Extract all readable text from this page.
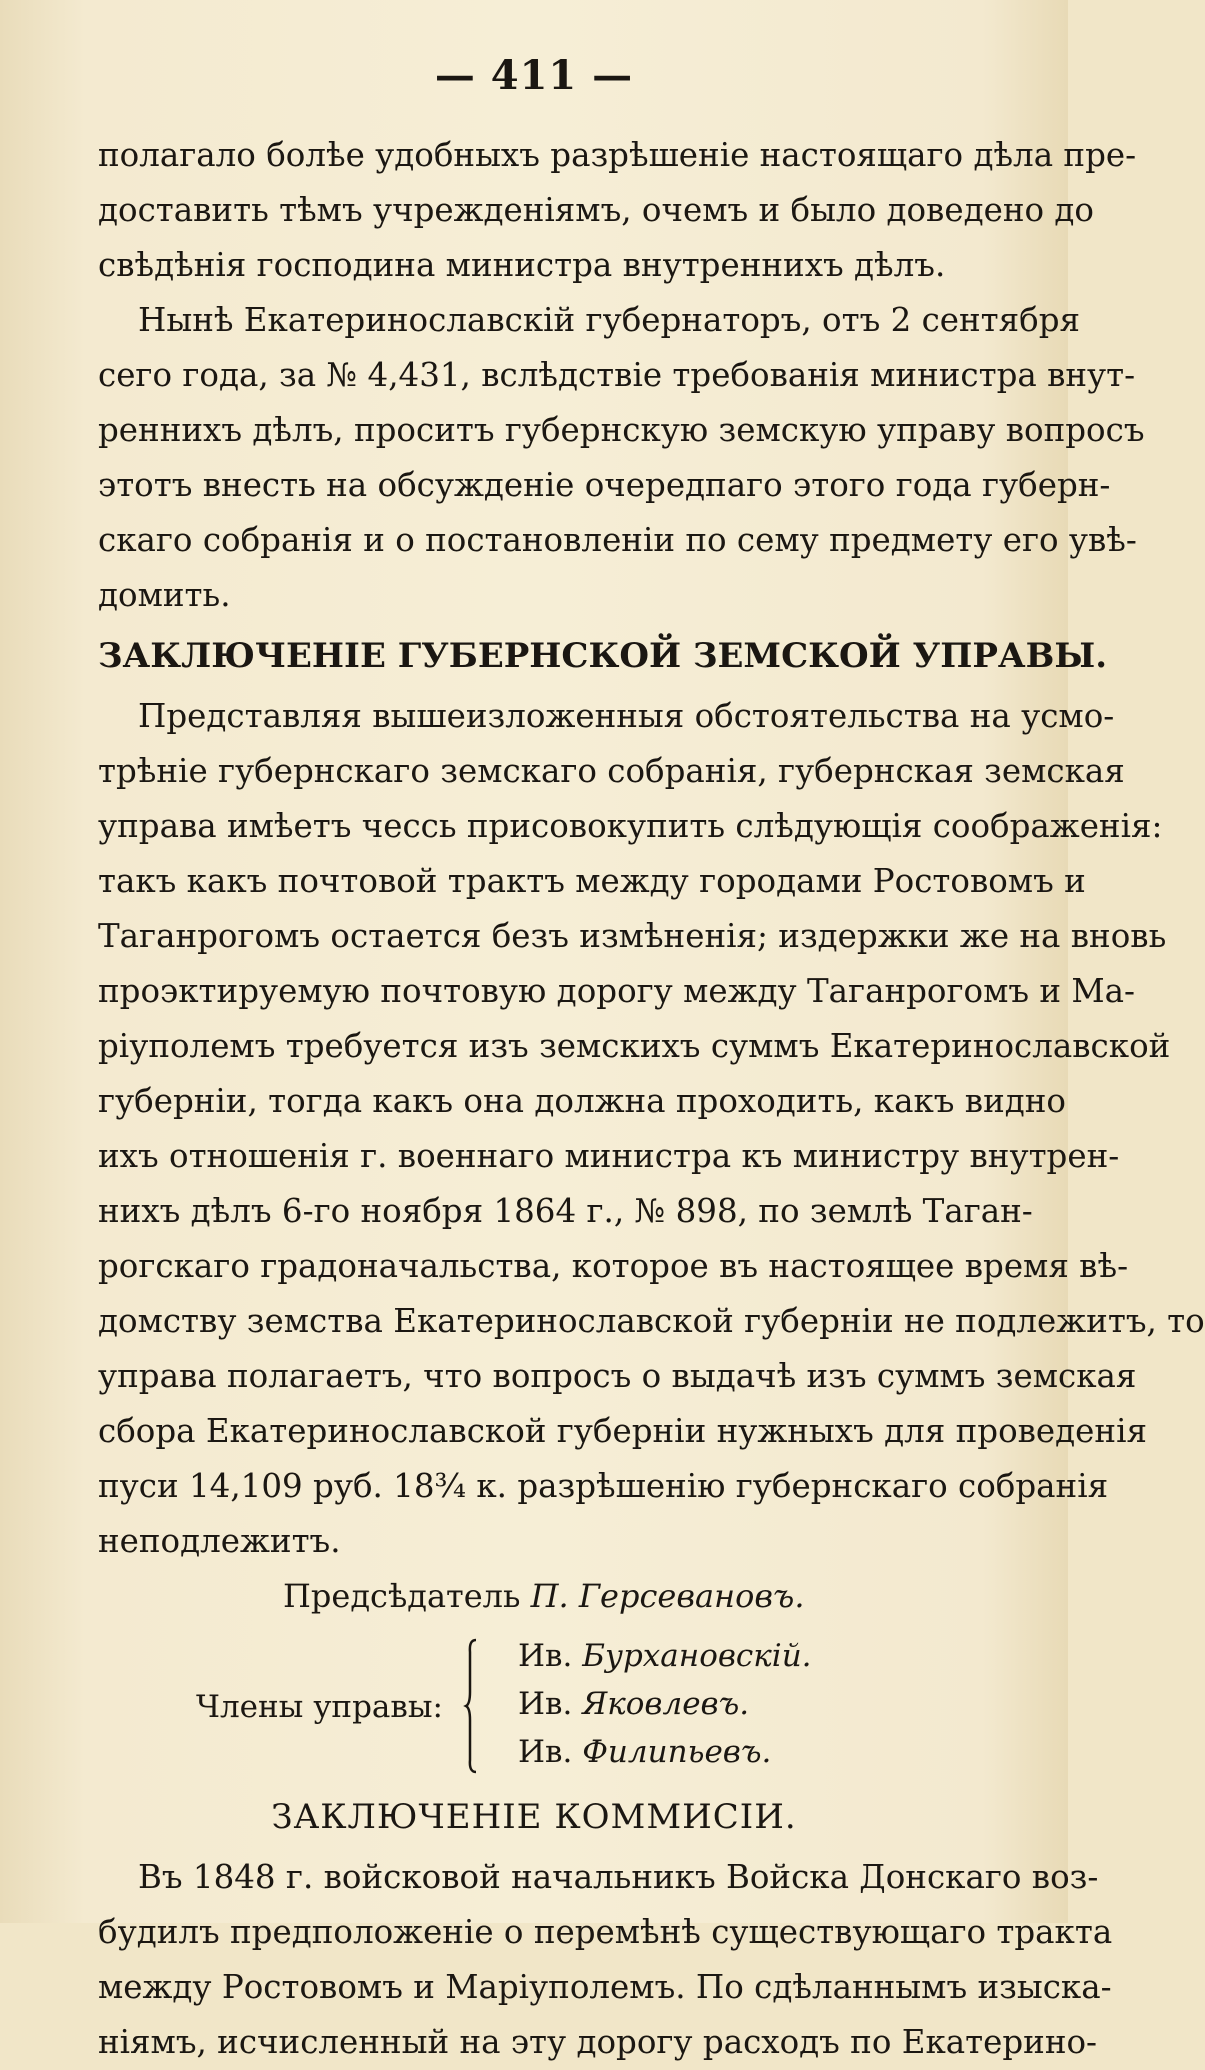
— 411 —
полагало болѣе удобныхъ разрѣшеніе настоящаго дѣла пре-
доставить тѣмъ учрежденіямъ, очемъ и было доведено до
свѣдѣнія господина министра внутреннихъ дѣлъ.
Нынѣ Екатеринославскій губернаторъ, отъ 2 сентября
сего года, за № 4,431, вслѣдствіе требованія министра внут-
реннихъ дѣлъ, проситъ губернскую земскую управу вопросъ
этотъ внесть на обсужденіе очередпаго этого года губерн-
скаго собранія и о постановленіи по сему предмету его увѣ-
домить.
ЗАКЛЮЧЕНІЕ ГУБЕРНСКОЙ ЗЕМСКОЙ УПРАВЫ.
Представляя вышеизложенныя обстоятельства на усмо-
трѣніе губернскаго земскаго собранія, губернская земская
управа имѣетъ чессь присовокупить слѣдующія соображенія:
такъ какъ почтовой трактъ между городами Ростовомъ и
Таганрогомъ остается безъ измѣненія; издержки же на вновь
проэктируемую почтовую дорогу между Таганрогомъ и Ма-
ріуполемъ требуется изъ земскихъ суммъ Екатеринославской
губерніи, тогда какъ она должна проходить, какъ видно
ихъ отношенія г. военнаго министра къ министру внутрен-
нихъ дѣлъ 6-го ноября 1864 г., № 898, по землѣ Таган-
рогскаго градоначальства, которое въ настоящее время вѣ-
домству земства Екатеринославской губерніи не подлежитъ, то
управа полагаетъ, что вопросъ о выдачѣ изъ суммъ земская
сбора Екатеринославской губерніи нужныхъ для проведенія
пуси 14,109 руб. 18¾ к. разрѣшенію губернскаго собранія
неподлежитъ.
Предсѣдатель П. Герсевановъ.
Члены управы:
Ив. Бурхановскій.
Ив. Яковлевъ.
Ив. Филипьевъ.
ЗАКЛЮЧЕНІЕ КОММИСІИ.
Въ 1848 г. войсковой начальникъ Войска Донскаго воз-
будилъ предположеніе о перемѣнѣ существующаго тракта
между Ростовомъ и Маріуполемъ. По сдѣланнымъ изыска-
ніямъ, исчисленный на эту дорогу расходъ по Екатерино-
